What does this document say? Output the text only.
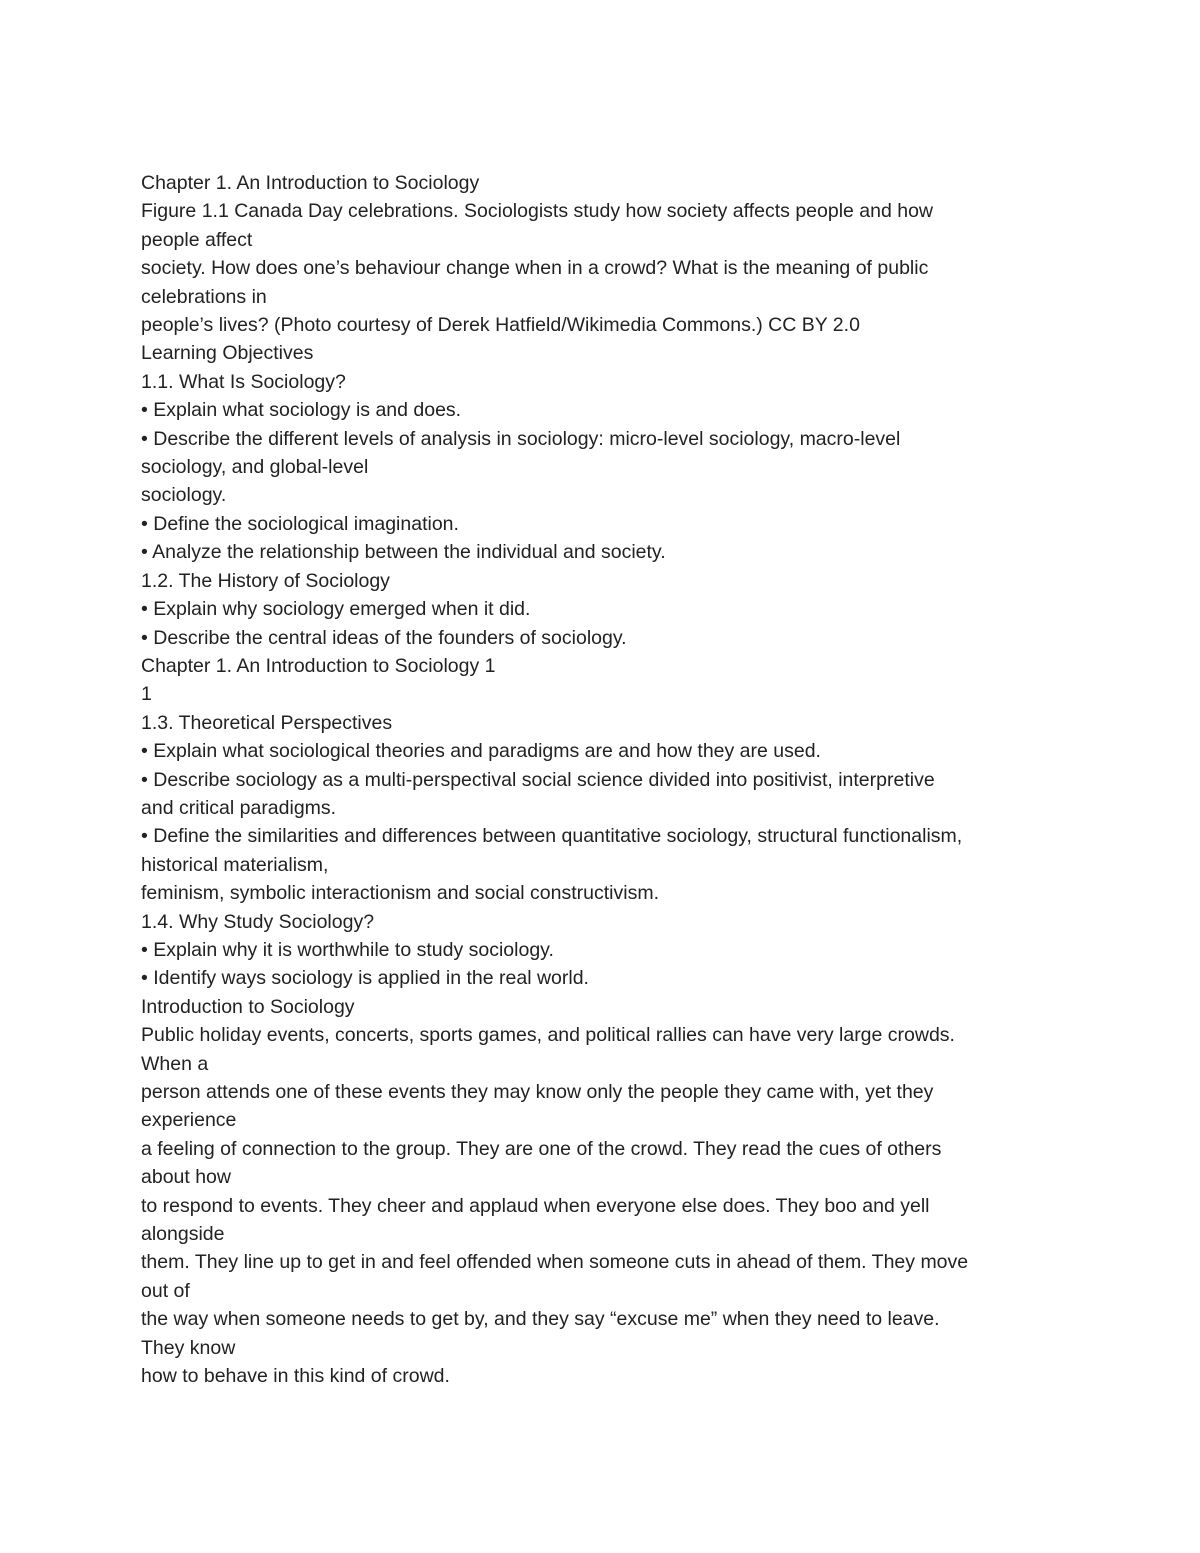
Chapter 1. An Introduction to Sociology
Figure 1.1 Canada Day celebrations. Sociologists study how society affects people and how
people affect
society. How does one’s behaviour change when in a crowd? What is the meaning of public
celebrations in
people’s lives? (Photo courtesy of Derek Hatfield/Wikimedia Commons.) CC BY 2.0
Learning Objectives
1.1. What Is Sociology?
• Explain what sociology is and does.
• Describe the different levels of analysis in sociology: micro-level sociology, macro-level
sociology, and global-level
sociology.
• Define the sociological imagination.
• Analyze the relationship between the individual and society.
1.2. The History of Sociology
• Explain why sociology emerged when it did.
• Describe the central ideas of the founders of sociology.
Chapter 1. An Introduction to Sociology 1
1
1.3. Theoretical Perspectives
• Explain what sociological theories and paradigms are and how they are used.
• Describe sociology as a multi-perspectival social science divided into positivist, interpretive
and critical paradigms.
• Define the similarities and differences between quantitative sociology, structural functionalism,
historical materialism,
feminism, symbolic interactionism and social constructivism.
1.4. Why Study Sociology?
• Explain why it is worthwhile to study sociology.
• Identify ways sociology is applied in the real world.
Introduction to Sociology
Public holiday events, concerts, sports games, and political rallies can have very large crowds.
When a
person attends one of these events they may know only the people they came with, yet they
experience
a feeling of connection to the group. They are one of the crowd. They read the cues of others
about how
to respond to events. They cheer and applaud when everyone else does. They boo and yell
alongside
them. They line up to get in and feel offended when someone cuts in ahead of them. They move
out of
the way when someone needs to get by, and they say “excuse me” when they need to leave.
They know
how to behave in this kind of crowd.
